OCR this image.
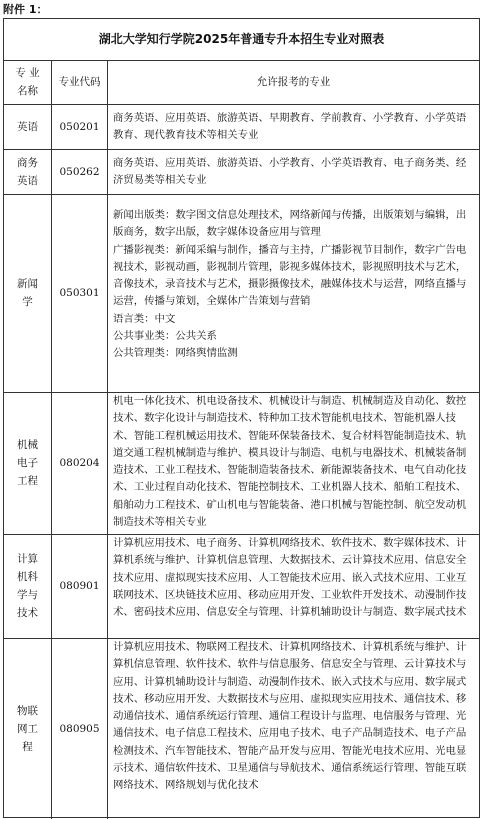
附件 1：
湖北大学知行学院2025年普通专升本招生专业对照表
专 业
名称
专业代码	允许报考的专业
英语	050201
商务英语、应用英语、旅游英语、早期教育、学前教育、小学教育、小学英语教育、现代教育技术等相关专业
商务英语
050262
商务英语、应用英语、旅游英语、小学教育、小学英语教育、电子商务类、经济贸易类等相关专业
新闻学
050301
新闻出版类：数字图文信息处理技术，网络新闻与传播，出版策划与编辑，出版商务，数字出版，数字媒体设备应用与管理
广播影视类：新闻采编与制作，播音与主持，广播影视节目制作，数字广告电视技术，影视动画，影视制片管理，影视多媒体技术，影视照明技术与艺术，音像技术，录音技术与艺术，摄影摄像技术，融媒体技术与运营，网络直播与运营，传播与策划，全媒体广告策划与营销
语言类：中文
公共事业类：公共关系
公共管理类：网络舆情监测
机械电子工程
080204
机电一体化技术、机电设备技术、机械设计与制造、机械制造及自动化、数控技术、数字化设计与制造技术、特种加工技术智能机电技术、智能机器人技术、智能工程机械运用技术、智能环保装备技术、复合材料智能制造技术、轨道交通工程机械制造与维护、模具设计与制造、电机与电器技术、机械装备制造技术、工业工程技术、智能制造装备技术、新能源装备技术、电气自动化技术、工业过程自动化技术、智能控制技术、工业机器人技术、船舶工程技术、船舶动力工程技术、矿山机电与智能装备、港口机械与智能控制、航空发动机制造技术等相关专业
计算机科学与技术
080901
计算机应用技术、电子商务、计算机网络技术、软件技术、数字媒体技术、计算机系统与维护、计算机信息管理、大数据技术、云计算技术应用、信息安全技术应用、虚拟现实技术应用、人工智能技术应用、嵌入式技术应用、工业互联网技术、区块链技术应用、移动应用开发、工业软件开发技术、动漫制作技术、密码技术应用、信息安全与管理、计算机辅助设计与制造、数字展式技术
物联网工程
080905
计算机应用技术、物联网工程技术、计算机网络技术、计算机系统与维护、计算机信息管理、软件技术、软件与信息服务、信息安全与管理、云计算技术与应用、计算机辅助设计与制造、动漫制作技术、嵌入式技术与应用、数字展式技术、移动应用开发、大数据技术与应用、虚拟现实应用技术、通信技术、移动通信技术、通信系统运行管理、通信工程设计与监理、电信服务与管理、光通信技术、电子信息工程技术、应用电子技术、电子产品制造技术、电子产品检测技术、汽车智能技术、智能产品开发与应用、智能光电技术应用、光电显示技术、通信软件技术、卫星通信与导航技术、通信系统运行管理、智能互联网络技术、网络规划与优化技术
